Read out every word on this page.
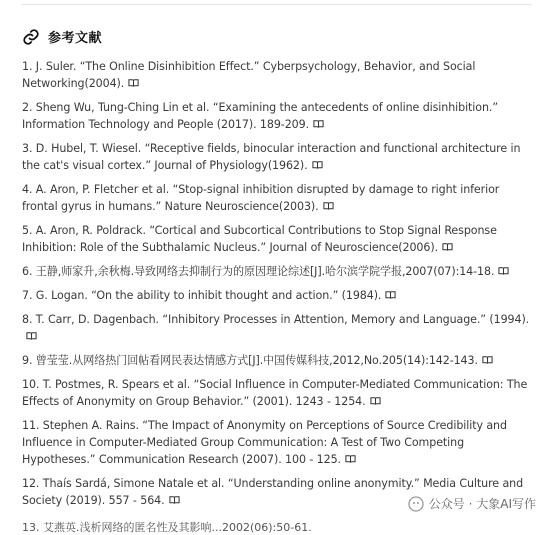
参考文献
1. J. Suler. “The Online Disinhibition Effect.” Cyberpsychology, Behavior, and Social Networking(2004).
2. Sheng Wu, Tung-Ching Lin et al. “Examining the antecedents of online disinhibition.” Information Technology and People (2017). 189-209.
3. D. Hubel, T. Wiesel. “Receptive fields, binocular interaction and functional architecture in the cat's visual cortex.” Journal of Physiology(1962).
4. A. Aron, P. Fletcher et al. “Stop-signal inhibition disrupted by damage to right inferior frontal gyrus in humans.” Nature Neuroscience(2003).
5. A. Aron, R. Poldrack. “Cortical and Subcortical Contributions to Stop Signal Response Inhibition: Role of the Subthalamic Nucleus.” Journal of Neuroscience(2006).
6. 王静,师家升,余秋梅.导致网络去抑制行为的原因理论综述[J].哈尔滨学院学报,2007(07):14-18.
7. G. Logan. “On the ability to inhibit thought and action.” (1984).
8. T. Carr, D. Dagenbach. “Inhibitory Processes in Attention, Memory and Language.” (1994).
9. 曾莹莹.从网络热门回帖看网民表达情感方式[J].中国传媒科技,2012,No.205(14):142-143.
10. T. Postmes, R. Spears et al. “Social Influence in Computer-Mediated Communication: The Effects of Anonymity on Group Behavior.” (2001). 1243 - 1254.
11. Stephen A. Rains. “The Impact of Anonymity on Perceptions of Source Credibility and Influence in Computer-Mediated Group Communication: A Test of Two Competing Hypotheses.” Communication Research (2007). 100 - 125.
12. Thaís Sardá, Simone Natale et al. “Understanding online anonymity.” Media Culture and Society (2019). 557 - 564.
13. 艾燕英.浅析网络的匿名性及其影响...2002(06):50-61.
公众号 · 大象AI写作
